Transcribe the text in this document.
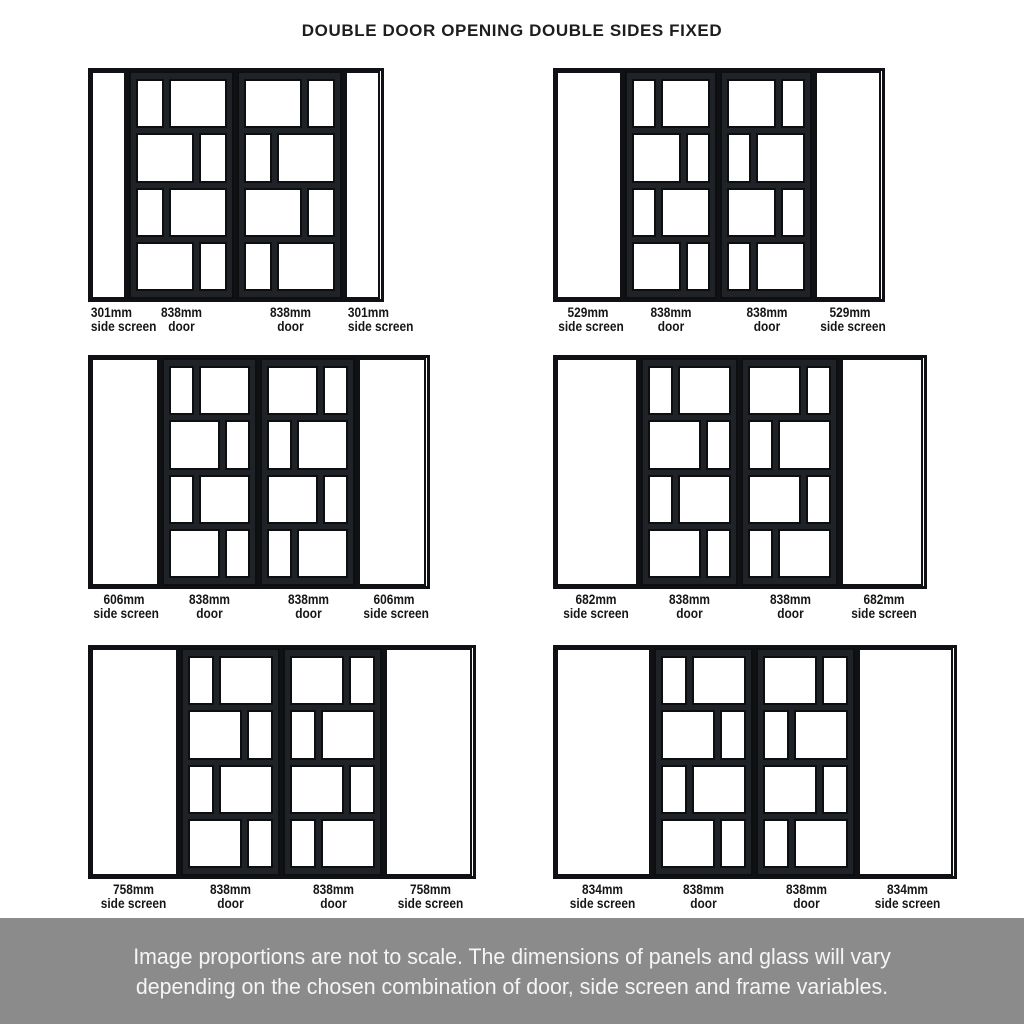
DOUBLE DOOR OPENING DOUBLE SIDES FIXED
301mm
side screen
838mm
door
838mm
door
301mm
side screen
529mm
side screen
838mm
door
838mm
door
529mm
side screen
606mm
side screen
838mm
door
838mm
door
606mm
side screen
682mm
side screen
838mm
door
838mm
door
682mm
side screen
758mm
side screen
838mm
door
838mm
door
758mm
side screen
834mm
side screen
838mm
door
838mm
door
834mm
side screen
Image proportions are not to scale. The dimensions of panels and glass will vary
depending on the chosen combination of door, side screen and frame variables.
